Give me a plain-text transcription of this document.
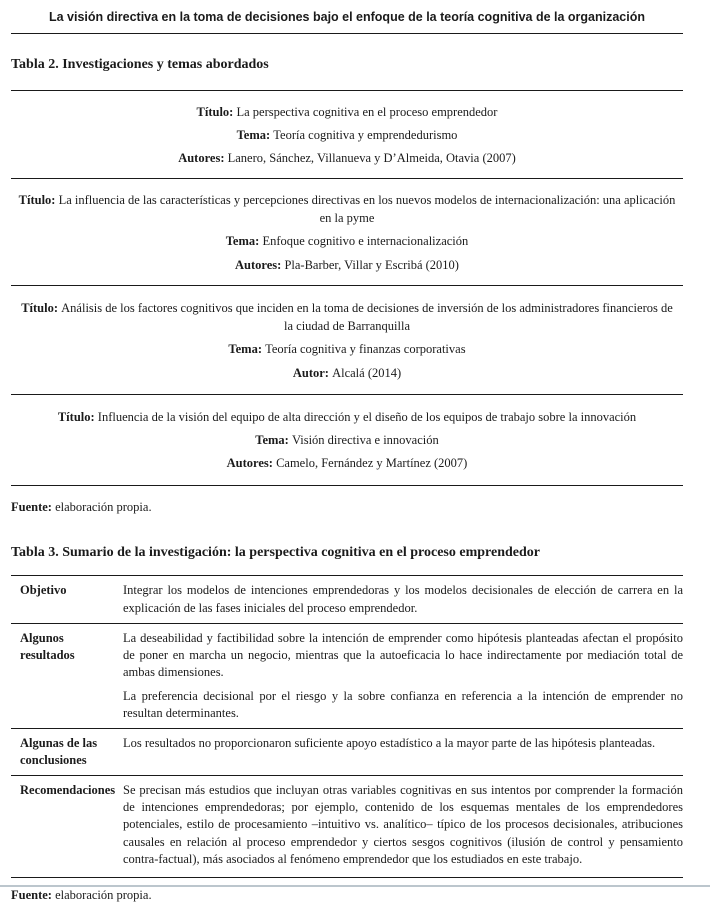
La visión directiva en la toma de decisiones bajo el enfoque de la teoría cognitiva de la organización
Tabla 2. Investigaciones y temas abordados

Título: La perspectiva cognitiva en el proceso emprendedor

Tema: Teoría cognitiva y emprendedurismo

Autores: Lanero, Sánchez, Villanueva y D’Almeida, Otavia (2007)

Título: La influencia de las características y percepciones directivas en los nuevos modelos de internacionalización: una aplicación en la pyme

Tema: Enfoque cognitivo e internacionalización

Autores: Pla-Barber, Villar y Escribá (2010)

Título: Análisis de los factores cognitivos que inciden en la toma de decisiones de inversión de los administradores financieros de la ciudad de Barranquilla

Tema: Teoría cognitiva y finanzas corporativas

Autor: Alcalá (2014)

Título: Influencia de la visión del equipo de alta dirección y el diseño de los equipos de trabajo sobre la innovación

Tema: Visión directiva e innovación

Autores: Camelo, Fernández y Martínez (2007)

Fuente: elaboración propia.

Tabla 3. Sumario de la investigación: la perspectiva cognitiva en el proceso emprendedor
Objetivo	Integrar los modelos de intenciones emprendedoras y los modelos decisionales de elección de carrera en la explicación de las fases iniciales del proceso emprendedor.

Algunos resultados

La deseabilidad y factibilidad sobre la intención de emprender como hipótesis planteadas afectan el propósito de poner en marcha un negocio, mientras que la autoeficacia lo hace indirectamente por mediación total de ambas dimensiones.

La preferencia decisional por el riesgo y la sobre confianza en referencia a la intención de emprender no resultan determinantes.

Algunas de las conclusiones

Los resultados no proporcionaron suficiente apoyo estadístico a la mayor parte de las hipótesis planteadas.

Recomendaciones Se precisan más estudios que incluyan otras variables cognitivas en sus intentos por comprender la formación de intenciones emprendedoras; por ejemplo, contenido de los esquemas mentales de los emprendedores potenciales, estilo de procesamiento –intuitivo vs. analítico– típico de los procesos decisionales, atribuciones causales en relación al proceso emprendedor y ciertos sesgos cognitivos (ilusión de control y pensamiento contra-factual), más asociados al fenómeno emprendedor que los estudiados en este trabajo.

Fuente: elaboración propia.
